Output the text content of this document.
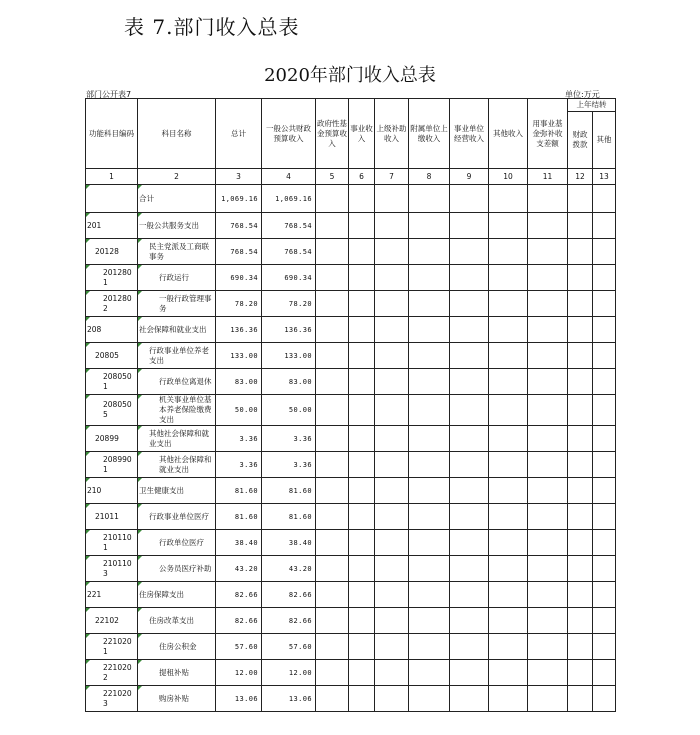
表 7.部门收入总表
2020年部门收入总表
部门公开表7	单位:万元
功能科目编码	科目名称	总计	一般公共财政预算收入	政府性基金预算收入	事业收入	上级补助收入	附属单位上缴收入	事业单位经营收入	其他收入	用事业基金弥补收支差额	上年结转	
											财政拨款	其他
1	2	3	4	5	6	7	8	9	10	11	12	13
	合计	1,069.16	1,069.16									
201	一般公共服务支出	768.54	768.54									
20128	民主党派及工商联事务	768.54	768.54									
2012801	行政运行	690.34	690.34									
2012802	一般行政管理事务	78.20	78.20									
208	社会保障和就业支出	136.36	136.36									
20805	行政事业单位养老支出	133.00	133.00									
2080501	行政单位离退休	83.00	83.00									
2080505	机关事业单位基本养老保险缴费支出	50.00	50.00									
20899	其他社会保障和就业支出	3.36	3.36									
2089901	其他社会保障和就业支出	3.36	3.36									
210	卫生健康支出	81.60	81.60									
21011	行政事业单位医疗	81.60	81.60									
2101101	行政单位医疗	38.40	38.40									
2101103	公务员医疗补助	43.20	43.20									
221	住房保障支出	82.66	82.66									
22102	住房改革支出	82.66	82.66									
2210201	住房公积金	57.60	57.60									
2210202	提租补贴	12.00	12.00									
2210203	购房补贴	13.06	13.06									
